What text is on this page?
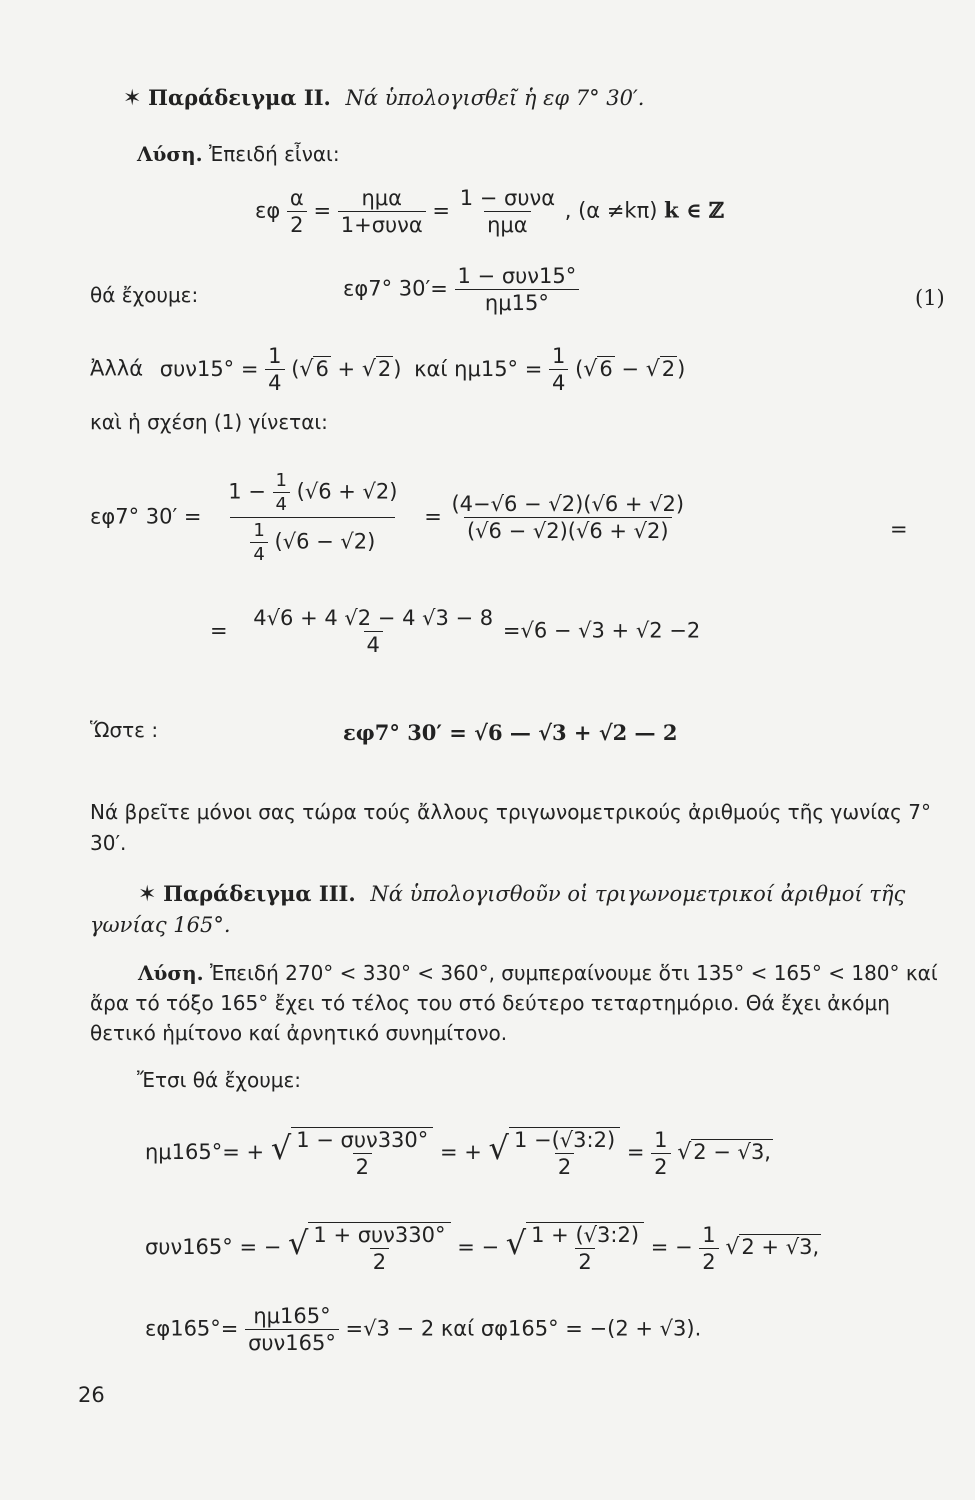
✶ Παράδειγμα ΙΙ. Νά ὑπολογισθεῖ ἡ εφ 7° 30′.
Λύση. Ἐπειδή εἶναι:
εφ $\frac{\alpha}{2} = \frac{\text{ημα}}{\text{1+συνα}} = \frac{\text{1 − συνα}}{\text{ημα}}$ , (α ≠kπ) k ∈ ℤ
θά ἔχουμε:	εφ7° $30'= \frac{\text{1 − συν15°}}{\eta\mu 15^\circ}$	(1)
Ἀλλά $\sigma\upsilon\nu 15^\circ = \frac{1}{4} (√6 + √2)$ καί $\eta\mu 15^\circ = \frac{1}{4} (√6 - √2)$
καὶ ἡ σχέση (1) γίνεται:
εφ7° $30' = \frac{1 - \frac{1}{4} (√6 + √2)}{\frac{1}{4} (√6 - √2)} = \frac{(4-√6 - √2)(√6 + √2)}{(√6 - √2)(√6 + √2)}$	=
= $\frac{4√6 + 4 √2 - 4 √3 - 8}{4} =√6 - √3 + √2 -2$
Ὥστε :	εφ7° 30′ = √6 — √3 + √2 — 2
Νά βρεῖτε μόνοι σας τώρα τούς ἄλλους τριγωνομετρικούς ἀριθμούς τῆς γωνίας 7° 30′.
✶ Παράδειγμα ΙΙΙ. Νά ὑπολογισθοῦν οἱ τριγωνομετρικοί ἀριθμοί τῆς γωνίας 165°.
Λύση. Ἐπειδή 270° < 330° < 360°, συμπεραίνουμε ὅτι 135° < 165° < 180° καί ἄρα τό τόξο 165° ἔχει τό τέλος του στό δεύτερο τεταρτημόριο. Θά ἔχει ἀκόμη θετικό ἡμίτονο καί ἀρνητικό συνημίτονο.
Ἔτσι θά ἔχουμε:
ημ165°= + √ $\frac{\text{1 − συν330°}}{2}$ = + √ $\frac{1 -(√3:2)}{2} = \frac{1}{2} √2 - √3$,
συν165° = − √ $\frac{\text{1 + συν330°}}{2}$ = − √ $\frac{1 + (√3:2)}{2}$ = − $\frac{1}{2} √2 + √3$,
$\varepsilon\varphi 165^\circ= \frac{\eta\mu 165^\circ}{\text{συν165°}} =√3 - 2$ καί σφ165° = −(2 + √3).
26
